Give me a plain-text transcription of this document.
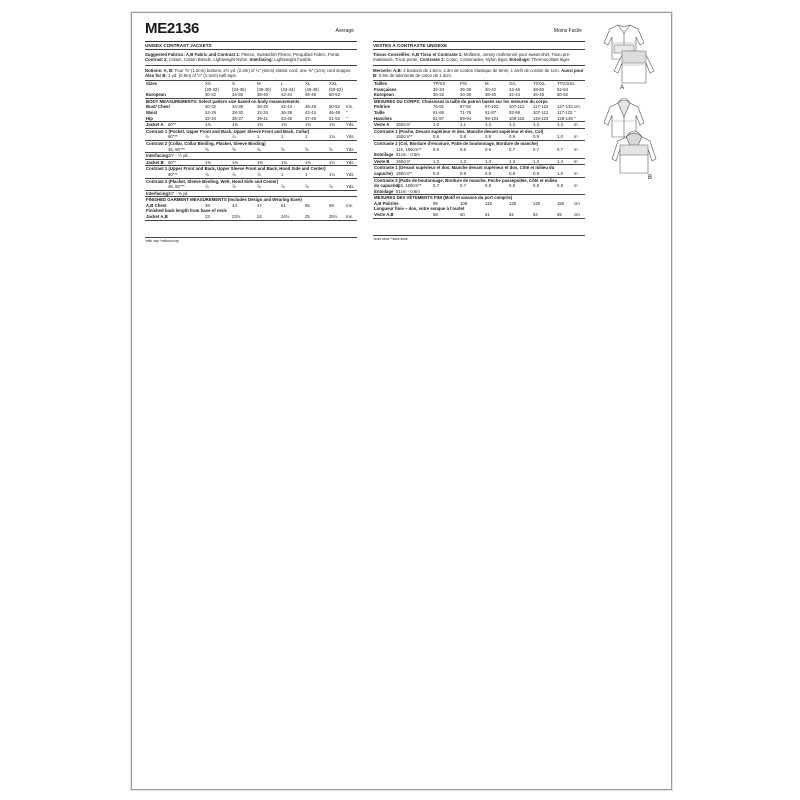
ME2136	Average
UNISEX CONTRAST JACKETS
Suggested Fabrics: A,B Fabric and Contrast 1: Fleece, Sweatshirt Fleece, Prequilted Fabric, Ponte. Contrast 2: Cotton, Cotton Blends, Lightweight Nylon. Interfacing: Lightweight Fusible.
Notions: A, B: Four ⅝" (1.5cm) buttons, 2½ yd. (2.3m) of ¼" (6mm) elastic cord, one ⅜" (1cm) cord stopper. Also for B: 1 yd. (0.9m) of ½" (1.3cm) twill tape.
Sizes	XS	S	M	L	XL	XXL
(30-32)	(34-36)	(38-40) (42-44) (46-48) (50-52)
European	30-32	34-36	38-40	42-44	46-48	50-52
BODY MEASUREMENTS: Select pattern size based on body measurements
Bust/ Chest	30-32	34-36	38-40	42-44	46-48	50-52 Ins.
Waist	24-26	28-30	32-34	36-39	42-44	46-48 "
Hip	32-34	35-37	39-41	43-45	47-49	51-53 "
Jacket A 60"*	1⅜	1⅜	1⅜	1⅜	1⅜	1⅜	Yds.
Contrast 1 (Pocket, Upper Front and Back, Upper Sleeve Front and Back, Collar)
60"**	⅞	⅞	1	1	1	1⅛	Yds.
Contrast 2 (Collar, Collar Binding, Placket, Sleeve Binding)
45, 60"**	⅝	⅝	⅝	⅝	⅝	⅝	Yds.
Interfacing 20" - ½ yd.
Jacket B 60"*	1⅜	1⅜	1⅜	1⅜	1⅜	1½	Yds.
Contrast 1 (Upper Front and Back, Upper Sleeve Front and Back, Hood Side and Center)
60"**	⅞	⅞	⅞	1	1	1⅛	Yds.
Contrast 2 (Placket, Sleeve Binding, Welt, Hood Side and Center)
45, 60"**	⅞	⅞	⅞	⅞	⅞	⅞	Yds.
Interfacing 20" - ⅜ yd.
FINISHED GARMENT MEASUREMENTS (Includes Design and Wearing Ease)
A,B Chest	39	43	47	51	55	59	Ins.
Finished back length from base of neck
Jacket A,B	23	23½	24	24½	25	25½ Ins.
*with nap **without nap
Moins Facile
VESTES À CONTRASTE UNISEXE
Tissus Conseillés: A,B Tissu et Contraste 1: Molleton, Jersey molletonné pour sweat-shirt, Tissu pré-matelassé, Tricot ponte. Contraste 2: Coton, Cotonnades, Nylon léger. Entoilage: Thermocollant léger.
Mercerie: A,B: 4 boutons de 1.5cm, 2.3m de cordon élastique de 6mm, 1 arrêt de cordon de 1cm. Aussi pour B: 0.9m de talonnette de coton de 1.3cm.
Tailles	TP/XS	P/S	M	G/L	TG/XL	TTG/XXL
Françaises	32-34	36-38	40-42	44-46	48-50	52-54
European	30-32	34-36	38-40	42-44	46-48	50-52
MESURES DU CORPS: Choisissez la taille du patron basée sur les mesures du corps
Poitrine	76-81	87-92	97-102 107-112 117-122 127-132 cm
Taille	61-66	71-76	81-87	92-99	107-112 117-122 "
Hanches	81-87	89-94	99-104 109-115 119-124 128-135 "
Veste A 150cm*	1.0	1.1	1.3	1.3	1.3	1.3	m
Contraste 1 (Poche, Devant supérieur et dos, Manche devant supérieur et dos, Col)
150cm**	0.8	0.8	0.9	0.9	0.9	1.0	m
Contraste 2 (Col, Bordure d'encolure, Patte de boutonnage, Bordure de manche)
115, 150cm**	0.6	0.6	0.6	0.7	0.7	0.7	m
Entoilage 51cm - 0.5m
Veste B 150cm*	1.3	1.3	1.3	1.3	1.3	1.4	m
Contraste 1 (Devant supérieur et dos, Manche devant supérieur et dos, Côté et milieu du
capuche) 150cm**	0.8	0.8	0.8	0.9	0.9	1.0	m
Contraste 2 (Patte de boutonnage, Bordure de manche, Poche passepoilée, Côté et milieu
du capuche)
115, 150cm**	0.7	0.7	0.8	0.8	0.8	0.8	m
Entoilage 51cm - 0.6m
MESURES DES VÊTEMENTS FINI (Motif et aisance du port compris)
A,B Poitrine	99	109	119	130	140	150 cm
Longueur finie – dos, votre exnque à l'ourlet
Veste A,B	58	60	61	62	64	65	cm
*avec sens **sans sens
A
B
